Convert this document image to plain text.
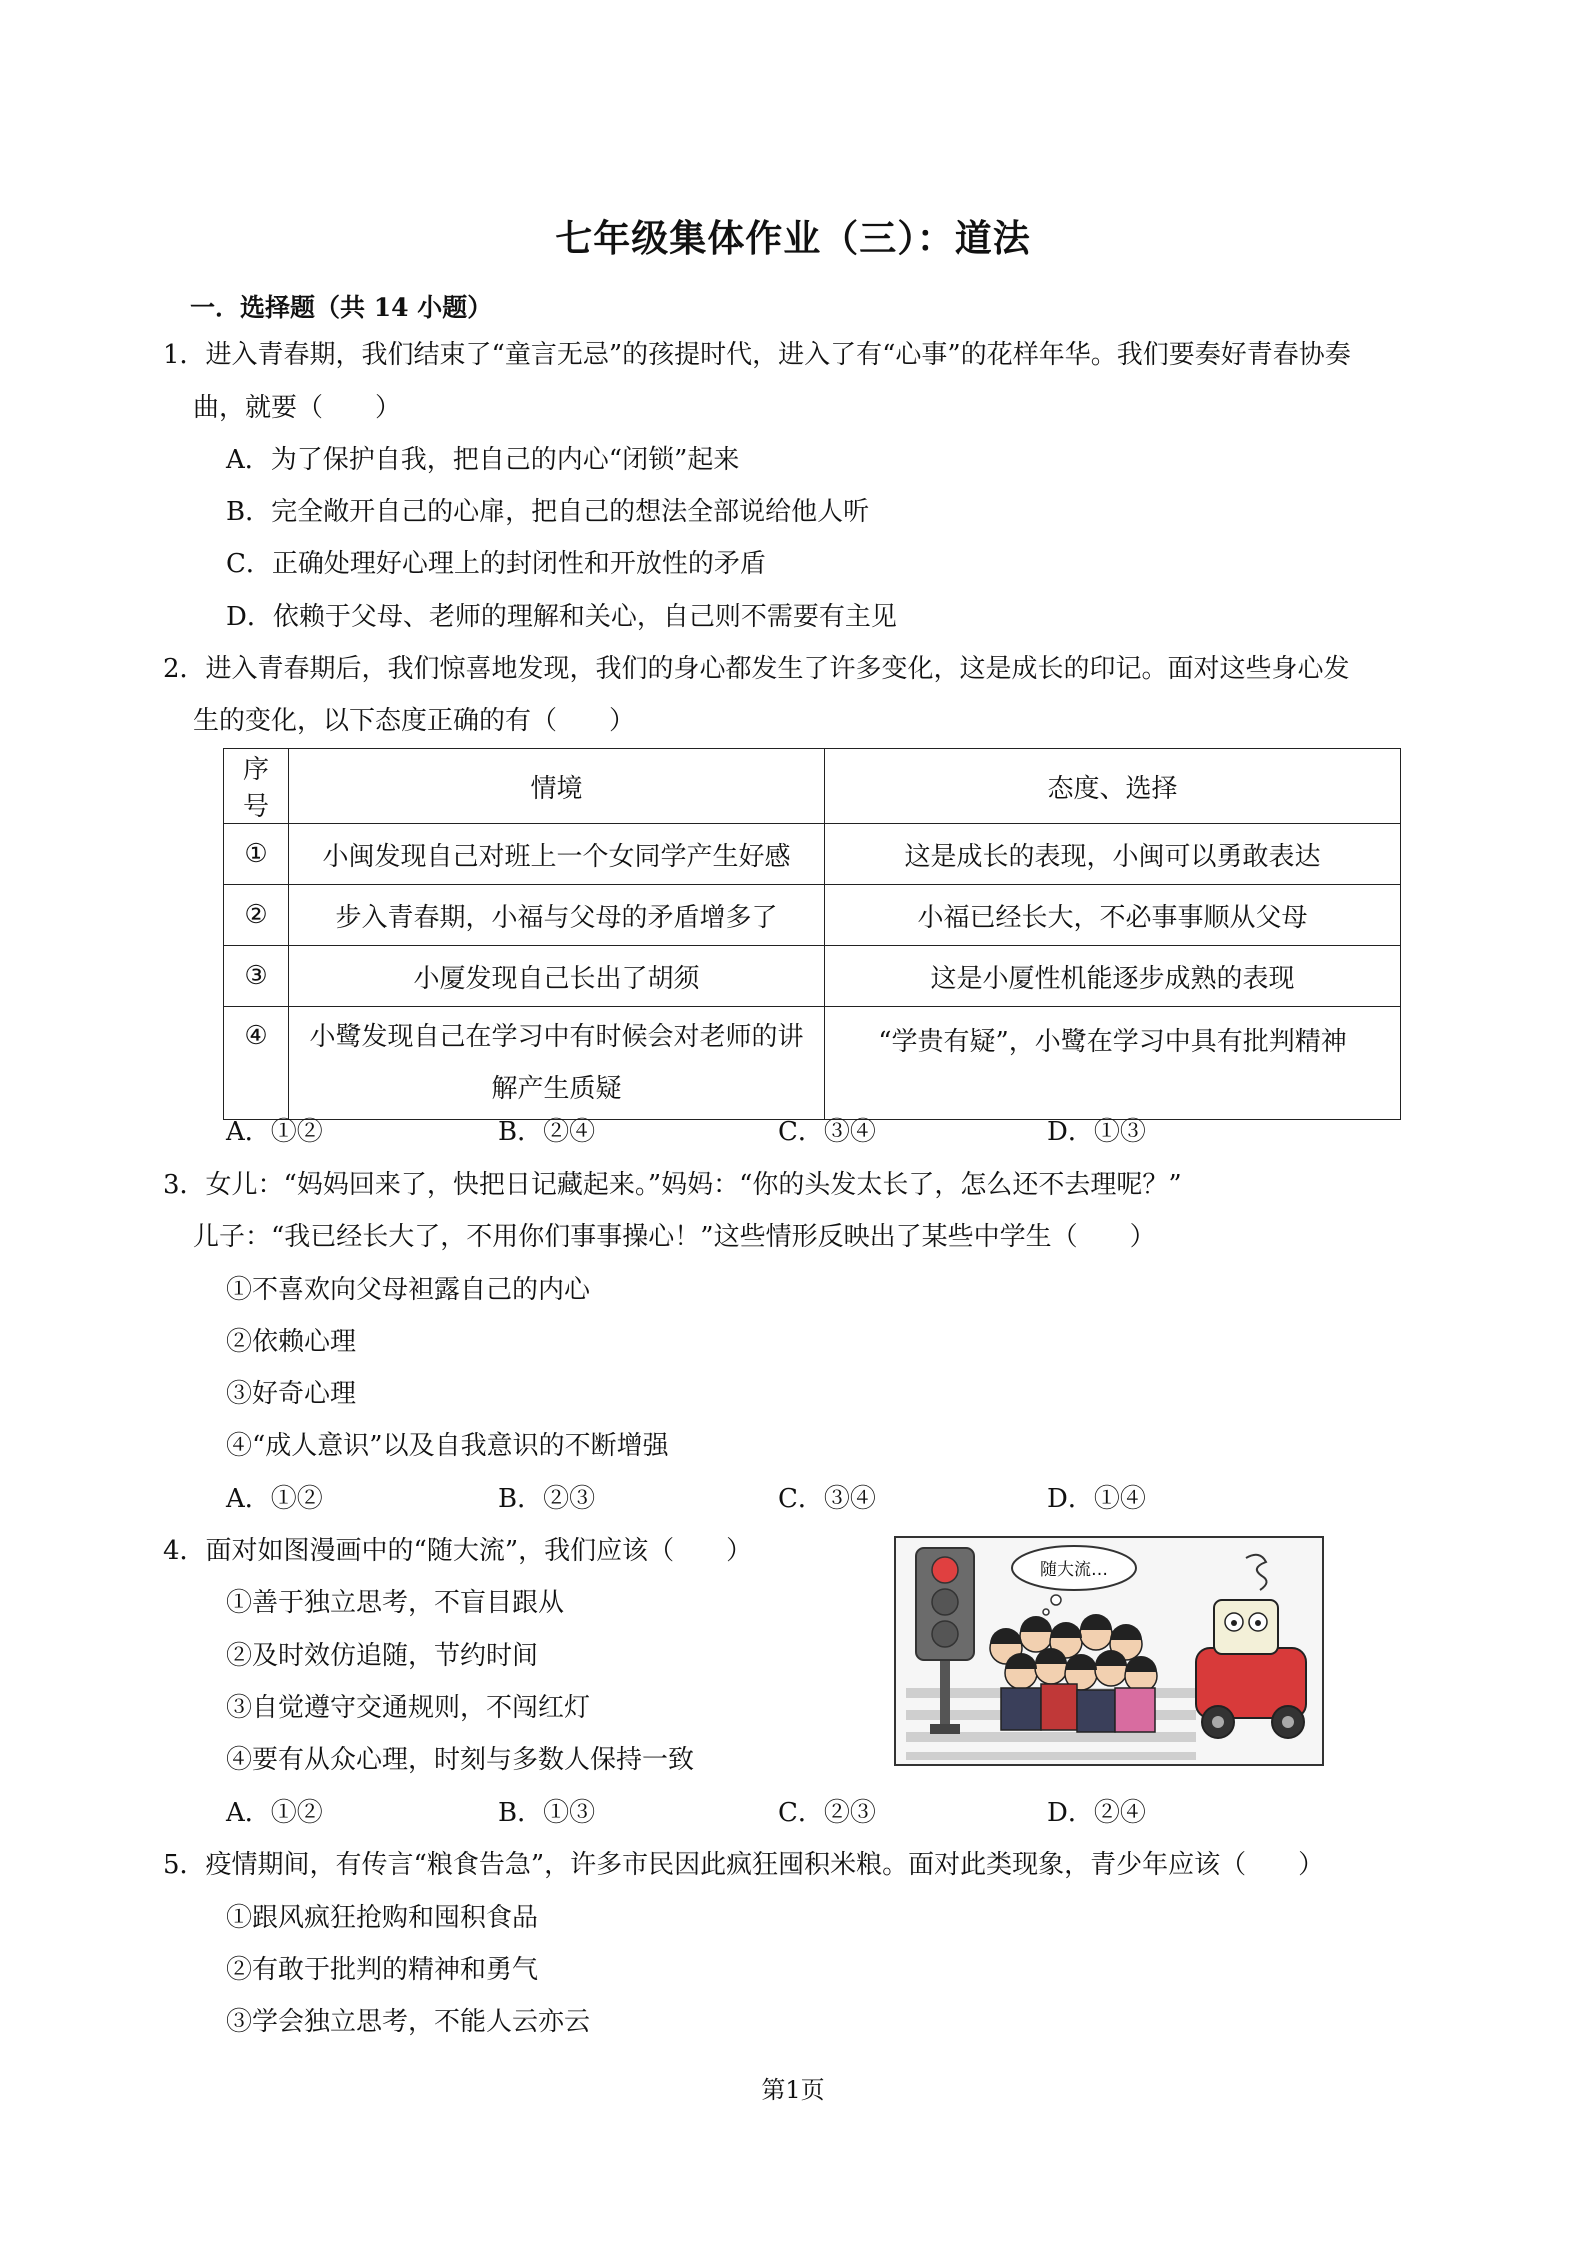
七年级集体作业（三）：道法
一．选择题（共 14 小题）
1．进入青春期，我们结束了“童言无忌”的孩提时代，进入了有“心事”的花样年华。我们要奏好青春协奏
曲，就要（　　）
A．为了保护自我，把自己的内心“闭锁”起来
B．完全敞开自己的心扉，把自己的想法全部说给他人听
C．正确处理好心理上的封闭性和开放性的矛盾
D．依赖于父母、老师的理解和关心，自己则不需要有主见
2．进入青春期后，我们惊喜地发现，我们的身心都发生了许多变化，这是成长的印记。面对这些身心发
生的变化，以下态度正确的有（　　）
序号	情境	态度、选择
①	小闽发现自己对班上一个女同学产生好感	这是成长的表现，小闽可以勇敢表达
②	步入青春期，小福与父母的矛盾增多了	小福已经长大，不必事事顺从父母
③	小厦发现自己长出了胡须	这是小厦性机能逐步成熟的表现
④	小鹭发现自己在学习中有时候会对老师的讲解产生质疑	“学贵有疑”，小鹭在学习中具有批判精神
A．①②	B．②④	C．③④	D．①③
3．女儿：“妈妈回来了，快把日记藏起来。”妈妈：“你的头发太长了，怎么还不去理呢？”
儿子：“我已经长大了，不用你们事事操心！”这些情形反映出了某些中学生（　　）
①不喜欢向父母袒露自己的内心
②依赖心理
③好奇心理
④“成人意识”以及自我意识的不断增强
A．①②	B．②③	C．③④	D．①④
4．面对如图漫画中的“随大流”，我们应该（　　）
①善于独立思考，不盲目跟从
②及时效仿追随，节约时间
③自觉遵守交通规则，不闯红灯
④要有从众心理，时刻与多数人保持一致
随大流…
A．①②	B．①③	C．②③	D．②④
5．疫情期间，有传言“粮食告急”，许多市民因此疯狂囤积米粮。面对此类现象，青少年应该（　　）
①跟风疯狂抢购和囤积食品
②有敢于批判的精神和勇气
③学会独立思考，不能人云亦云
第1页
